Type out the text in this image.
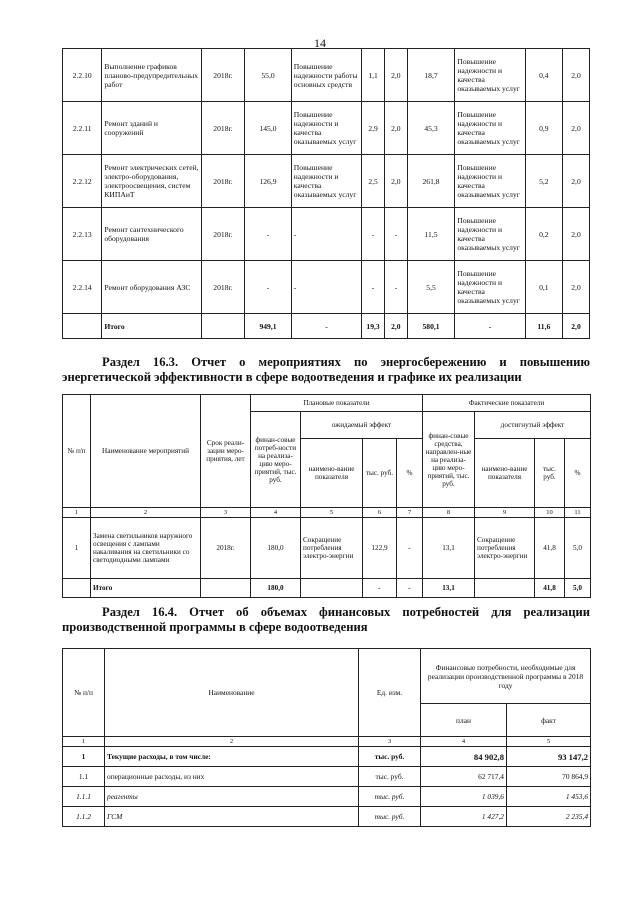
14
2.2.10	Выполнение графиков планово-предупредительных работ	2018г.	55,0	Повышение надежности работы основных средств	1,1	2,0	18,7	Повышение надежности и качества оказываемых услуг	0,4	2,0
2.2.11	Ремонт зданий и сооружений	2018г.	145,0	Повышение надежности и качества оказываемых услуг	2,9	2,0	45,3	Повышение надежности и качества оказываемых услуг	0,9	2,0
2.2.12	Ремонт электрических сетей, электро-оборудования, электроосвещения, систем КИПАиТ	2018г.	126,9	Повышение надежности и качества оказываемых услуг	2,5	2,0	261,8	Повышение надежности и качества оказываемых услуг	5,2	2,0
2.2.13	Ремонт сантехнического оборудования	2018г.	-	-	-	-	11,5	Повышение надежности и качества оказываемых услуг	0,2	2,0
2.2.14	Ремонт оборудования АЗС	2018г.	-	-	-	-	5,5	Повышение надежности и качества оказываемых услуг	0,1	2,0
	Итого		949,1	-	19,3	2,0	580,1	-	11,6	2,0
Раздел 16.3. Отчет о мероприятиях по энергосбережению и повышению
энергетической эффективности в сфере водоотведения и графике их реализации
№ п/п	Наименование мероприятий	Срок реали-зации меро-приятия, лет	Плановые показатели				Фактические показатели			
			финан-совые потреб-ности на реализа-цию меро-приятий, тыс. руб.	ожидаемый эффект			финан-совые средства, направлен-ные на реализа-цию меро-приятий, тыс. руб.	достигнутый эффект		
				наимено-вание показателя	тыс. руб.	%		наимено-вание показателя	тыс. руб.	%
1	2	3	4	5	6	7	8	9	10	11
1	Замена светильников наружного освещения с лампами накаливания на светильники со светодиодными лампами	2018г.	180,0	Сокращение потребления электро-энергии	122,9	-	13,1	Сокращение потребления электро-энергии	41,8	5,0
	Итого		180,0		-	-	13,1		41,8	5,0
Раздел 16.4. Отчет об объемах финансовых потребностей для реализации
производственной программы в сфере водоотведения
№ п/п	Наименование	Ед. изм.	Финансовые потребности, необходимые для реализации производственной программы в 2018 году	
			план	факт
1	2	3	4	5
1	Текущие расходы, в том числе:	тыс. руб.	84 902,8	93 147,2
1.1	операционные расходы, из них	тыс. руб.	62 717,4	70 864,9
1.1.1	реагенты	тыс. руб.	1 039,6	1 453,6
1.1.2	ГСМ	тыс. руб.	1 427,2	2 235,4
